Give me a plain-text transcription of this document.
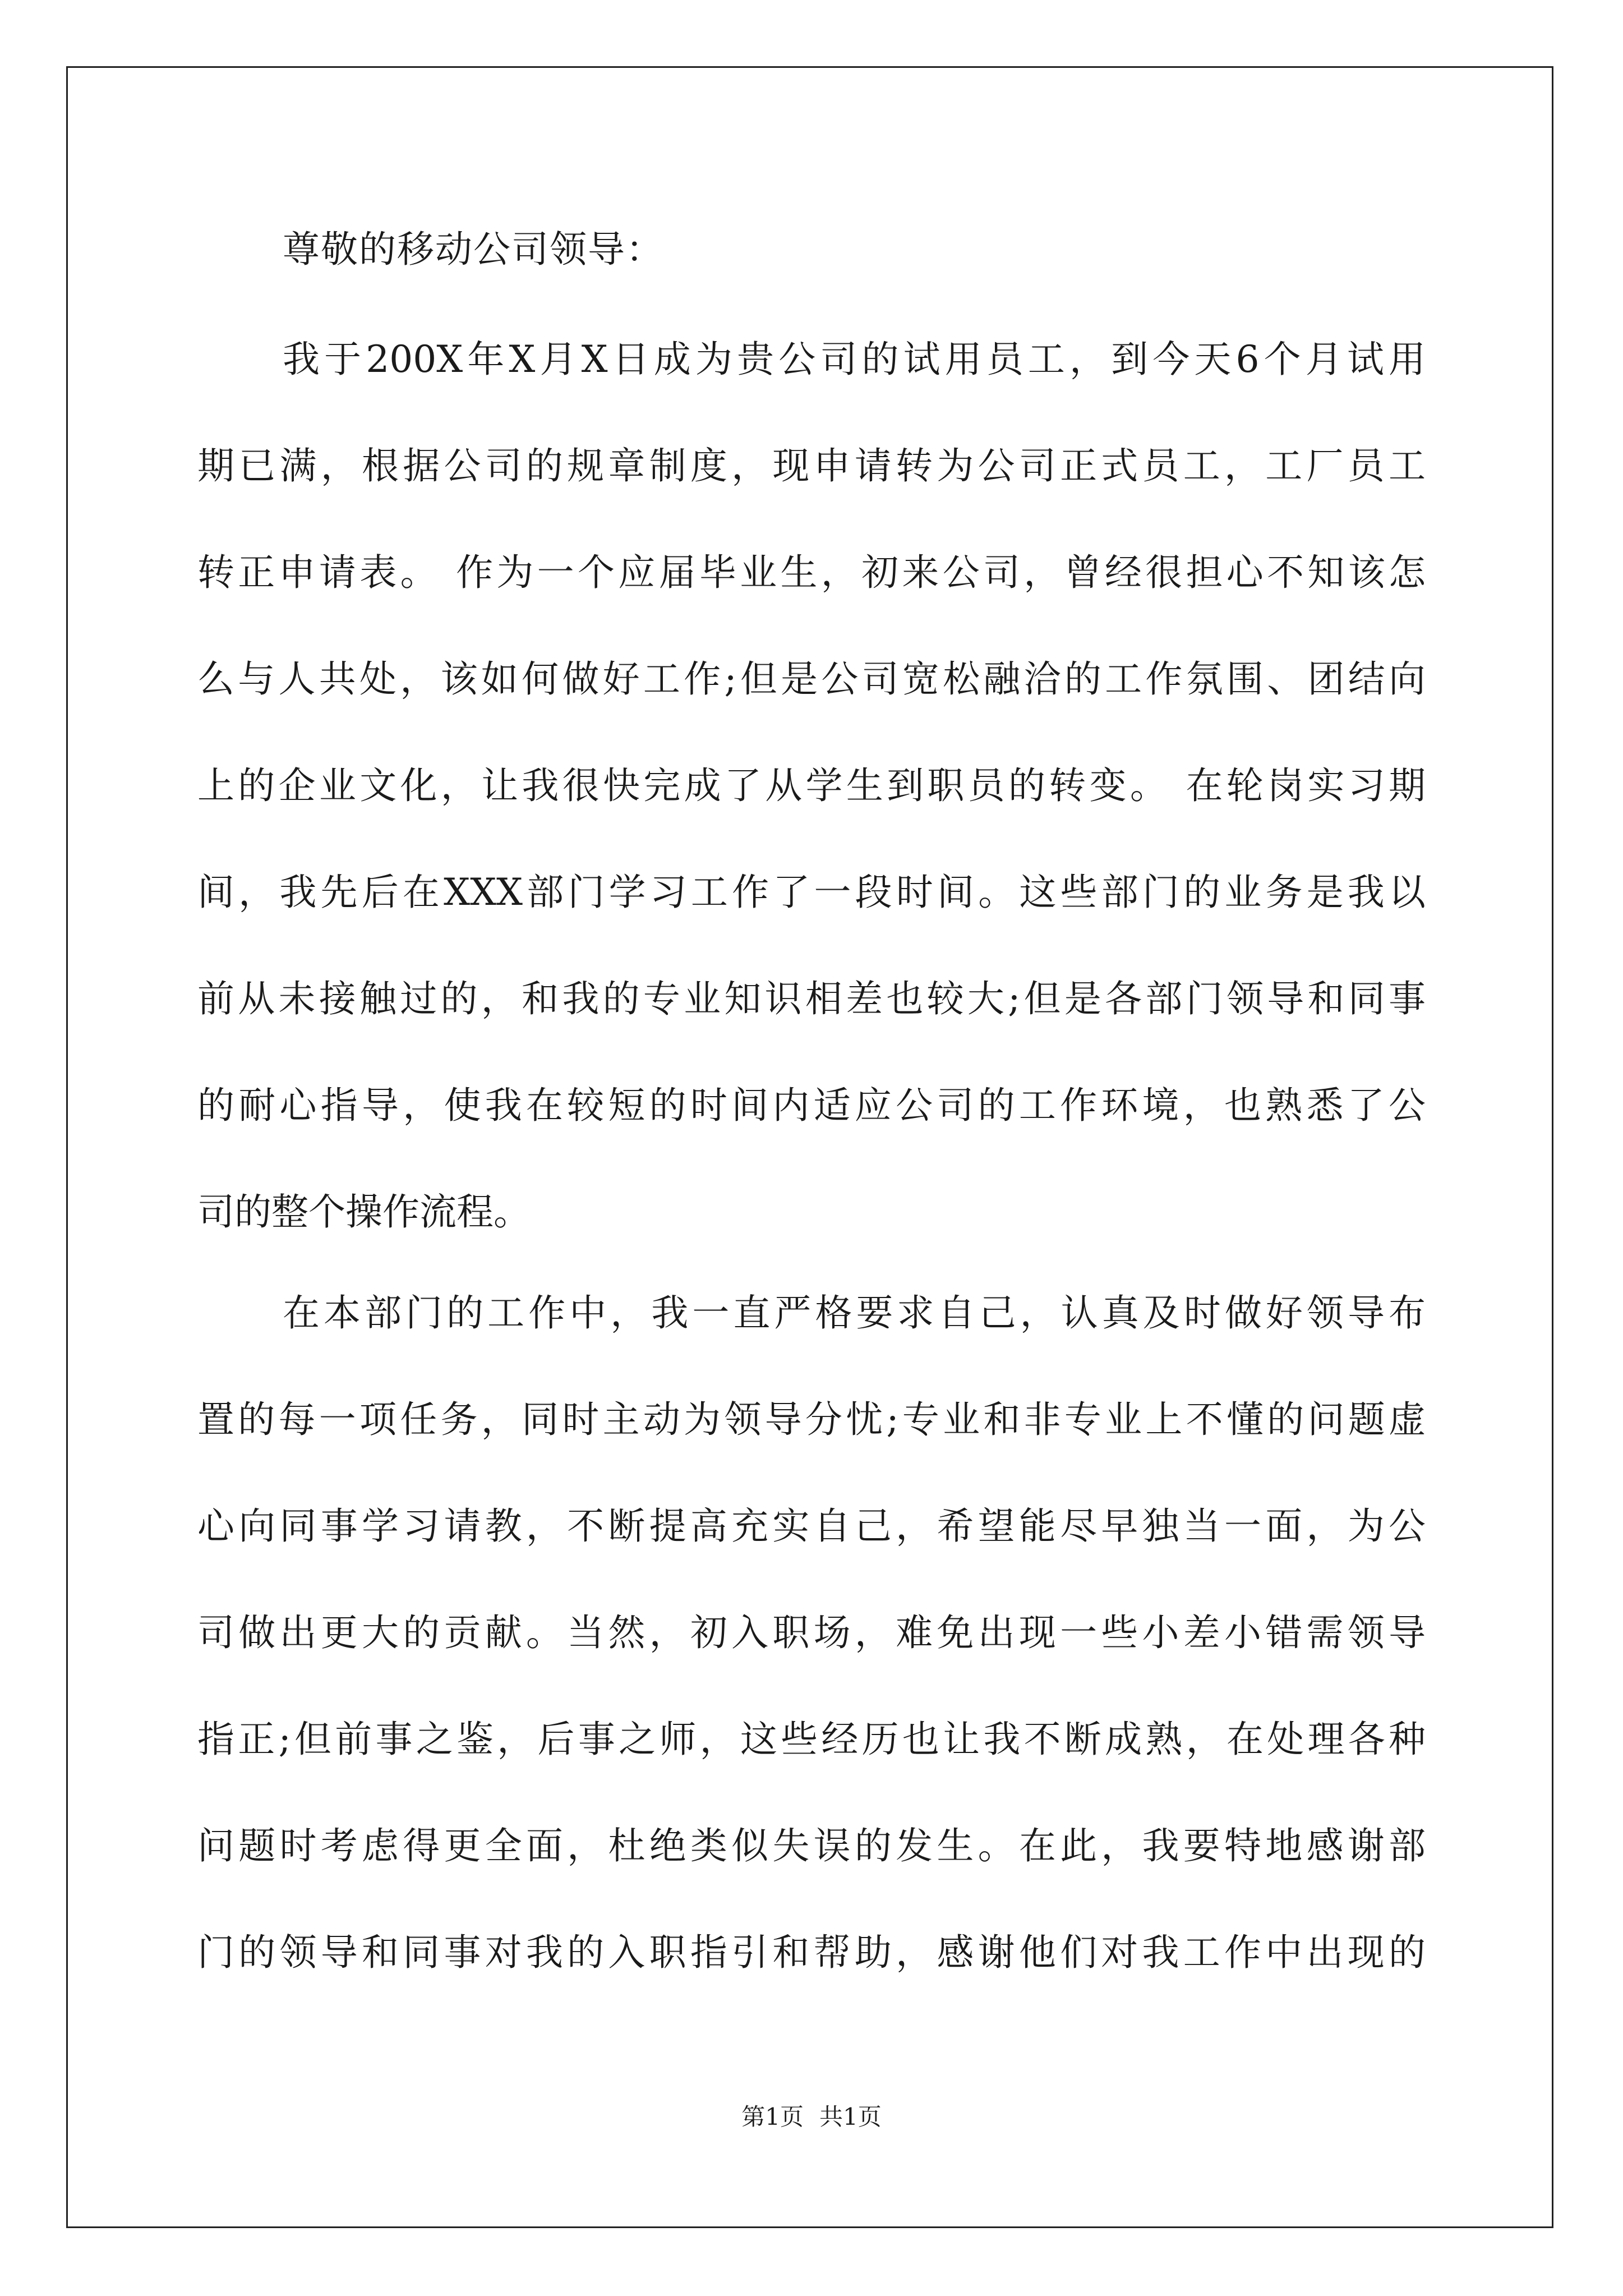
尊敬的移动公司领导：
我于200X年X月X日成为贵公司的试用员工，到今天6个月试用
期已满，根据公司的规章制度，现申请转为公司正式员工，工厂员工
转正申请表。 作为一个应届毕业生，初来公司，曾经很担心不知该怎
么与人共处，该如何做好工作;但是公司宽松融洽的工作氛围、团结向
上的企业文化，让我很快完成了从学生到职员的转变。 在轮岗实习期
间，我先后在XXX部门学习工作了一段时间。这些部门的业务是我以
前从未接触过的，和我的专业知识相差也较大;但是各部门领导和同事
的耐心指导，使我在较短的时间内适应公司的工作环境，也熟悉了公
司的整个操作流程。
在本部门的工作中，我一直严格要求自己，认真及时做好领导布
置的每一项任务，同时主动为领导分忧;专业和非专业上不懂的问题虚
心向同事学习请教，不断提高充实自己，希望能尽早独当一面，为公
司做出更大的贡献。当然，初入职场，难免出现一些小差小错需领导
指正;但前事之鉴，后事之师，这些经历也让我不断成熟，在处理各种
问题时考虑得更全面，杜绝类似失误的发生。在此，我要特地感谢部
门的领导和同事对我的入职指引和帮助，感谢他们对我工作中出现的
第1页 共1页
